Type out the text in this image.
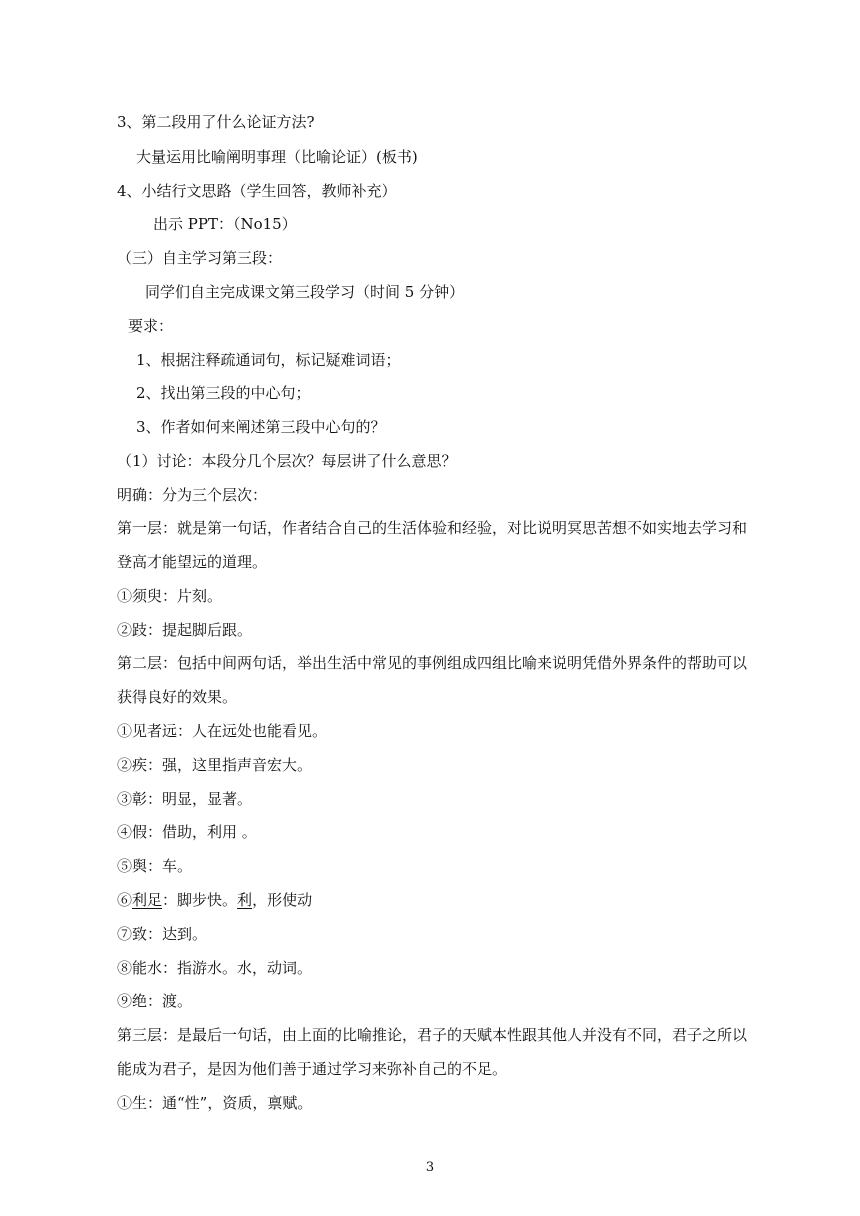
3、第二段用了什么论证方法?
大量运用比喻阐明事理（比喻论证）(板书)
4、小结行文思路（学生回答，教师补充）
出示 PPT：（No15）
（三）自主学习第三段：
同学们自主完成课文第三段学习（时间 5 分钟）
要求：
1、根据注释疏通词句，标记疑难词语；
2、找出第三段的中心句；
3、作者如何来阐述第三段中心句的？
（1）讨论：本段分几个层次？每层讲了什么意思？
明确：分为三个层次：
第一层：就是第一句话，作者结合自己的生活体验和经验，对比说明冥思苦想不如实地去学习和
登高才能望远的道理。
①须臾：片刻。
②跂：提起脚后跟。
第二层：包括中间两句话，举出生活中常见的事例组成四组比喻来说明凭借外界条件的帮助可以
获得良好的效果。
①见者远：人在远处也能看见。
②疾：强，这里指声音宏大。
③彰：明显，显著。
④假：借助，利用 。
⑤舆：车。
⑥利足：脚步快。利，形使动
⑦致：达到。
⑧能水：指游水。水，动词。
⑨绝：渡。
第三层：是最后一句话，由上面的比喻推论，君子的天赋本性跟其他人并没有不同，君子之所以
能成为君子，是因为他们善于通过学习来弥补自己的不足。
①生：通“性”，资质，禀赋。
3
